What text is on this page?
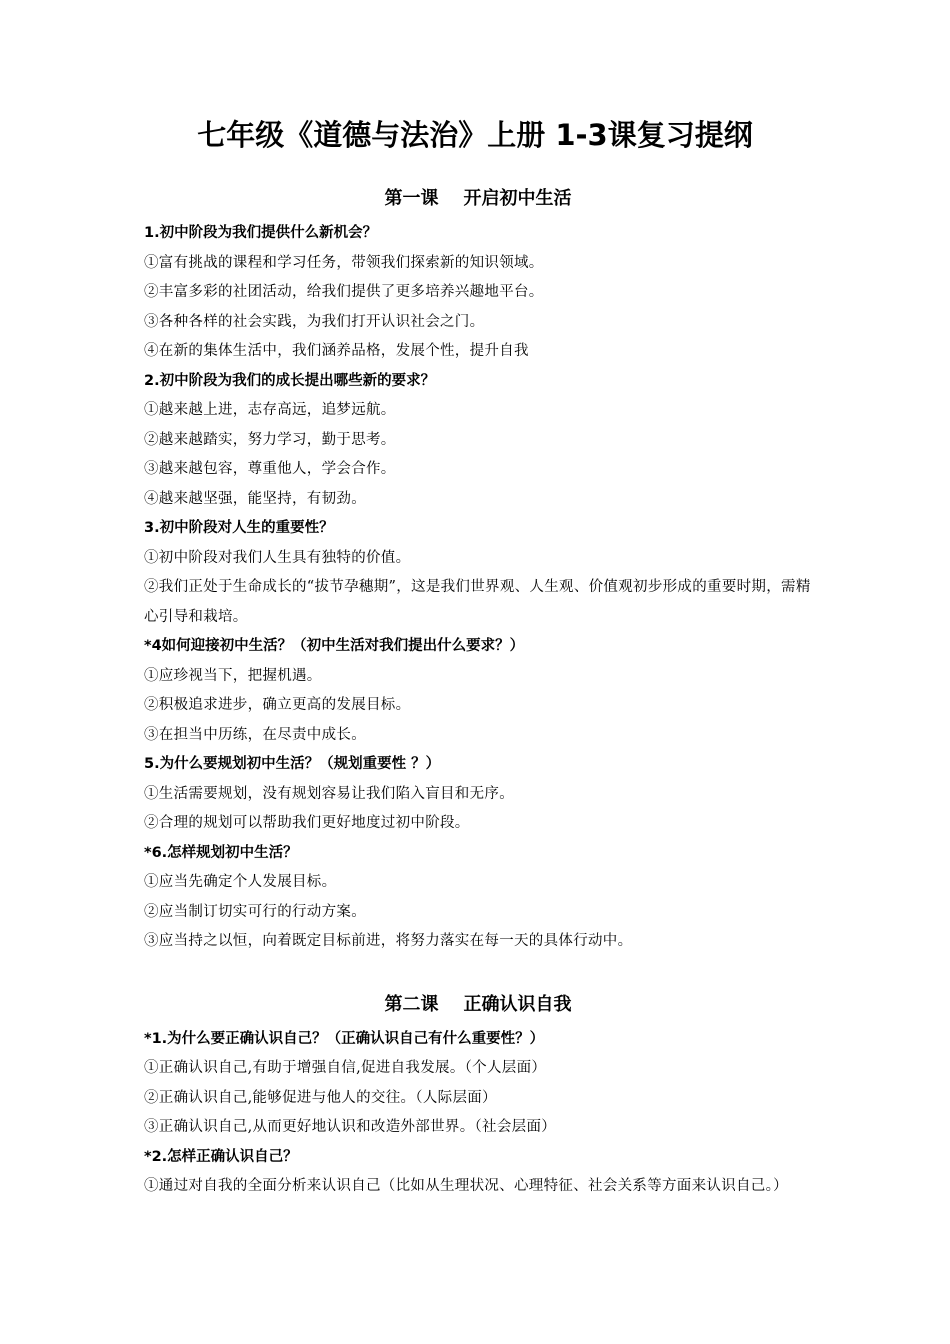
七年级《道德与法治》上册 1-3课复习提纲
第一课    开启初中生活
1.初中阶段为我们提供什么新机会？
①富有挑战的课程和学习任务，带领我们探索新的知识领域。
②丰富多彩的社团活动，给我们提供了更多培养兴趣地平台。
③各种各样的社会实践，为我们打开认识社会之门。
④在新的集体生活中，我们涵养品格，发展个性，提升自我
2.初中阶段为我们的成长提出哪些新的要求？
①越来越上进，志存高远，追梦远航。
②越来越踏实，努力学习，勤于思考。
③越来越包容，尊重他人，学会合作。
④越来越坚强，能坚持，有韧劲。
3.初中阶段对人生的重要性？
①初中阶段对我们人生具有独特的价值。
②我们正处于生命成长的“拔节孕穗期”，这是我们世界观、人生观、价值观初步形成的重要时期，需精心引导和栽培。
*4如何迎接初中生活？（初中生活对我们提出什么要求？）
①应珍视当下，把握机遇。
②积极追求进步，确立更高的发展目标。
③在担当中历练，在尽责中成长。
5.为什么要规划初中生活？（规划重要性 ？）
①生活需要规划，没有规划容易让我们陷入盲目和无序。
②合理的规划可以帮助我们更好地度过初中阶段。
*6.怎样规划初中生活？
①应当先确定个人发展目标。
②应当制订切实可行的行动方案。
③应当持之以恒，向着既定目标前进，将努力落实在每一天的具体行动中。
第二课    正确认识自我
*1.为什么要正确认识自己？（正确认识自己有什么重要性？）
①正确认识自己,有助于增强自信,促进自我发展。（个人层面）
②正确认识自己,能够促进与他人的交往。（人际层面）
③正确认识自己,从而更好地认识和改造外部世界。（社会层面）
*2.怎样正确认识自己？
①通过对自我的全面分析来认识自己（比如从生理状况、心理特征、社会关系等方面来认识自己。）
